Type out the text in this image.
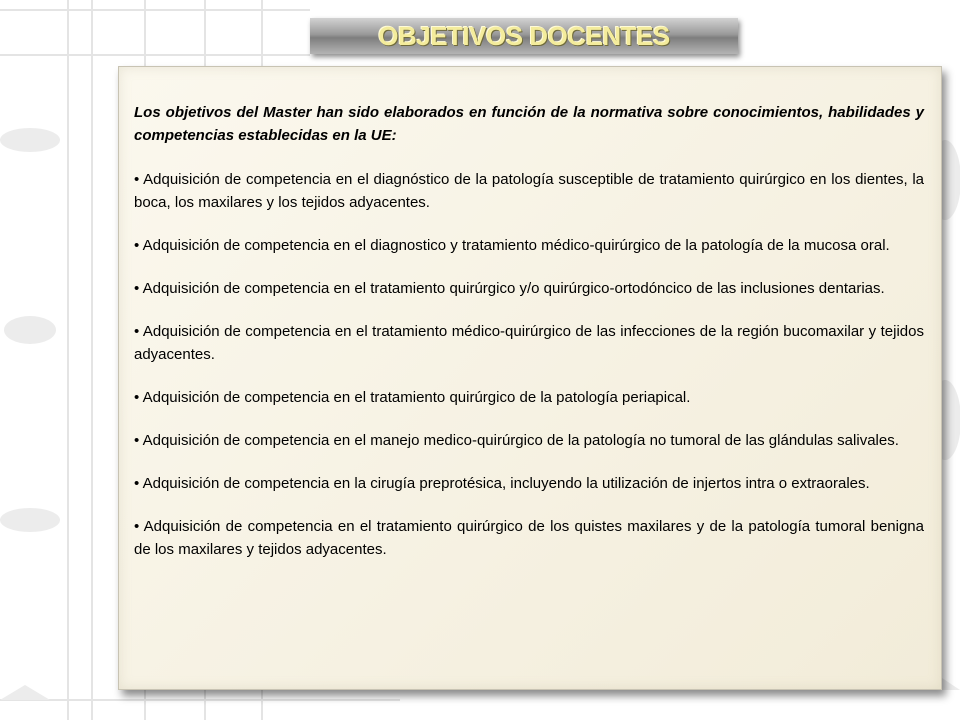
OBJETIVOS DOCENTES

Los objetivos del Master han sido elaborados en función de la normativa sobre conocimientos, habilidades y competencias establecidas en la UE:

• Adquisición de competencia en el diagnóstico de la patología susceptible de tratamiento quirúrgico en los dientes, la boca, los maxilares y los tejidos adyacentes.

• Adquisición de competencia en el diagnostico y tratamiento médico-quirúrgico de la patología de la mucosa oral.

• Adquisición de competencia en el tratamiento quirúrgico y/o quirúrgico-ortodóncico de las inclusiones dentarias.

• Adquisición de competencia en el tratamiento médico-quirúrgico de las infecciones de la región bucomaxilar y tejidos adyacentes.

• Adquisición de competencia en el tratamiento quirúrgico de la patología periapical.

• Adquisición de competencia en el manejo medico-quirúrgico de la patología no tumoral de las glándulas salivales.

• Adquisición de competencia en la cirugía preprotésica, incluyendo la utilización de injertos intra o extraorales.

• Adquisición de competencia en el tratamiento quirúrgico de los quistes maxilares y de la patología tumoral benigna de los maxilares y tejidos adyacentes.
